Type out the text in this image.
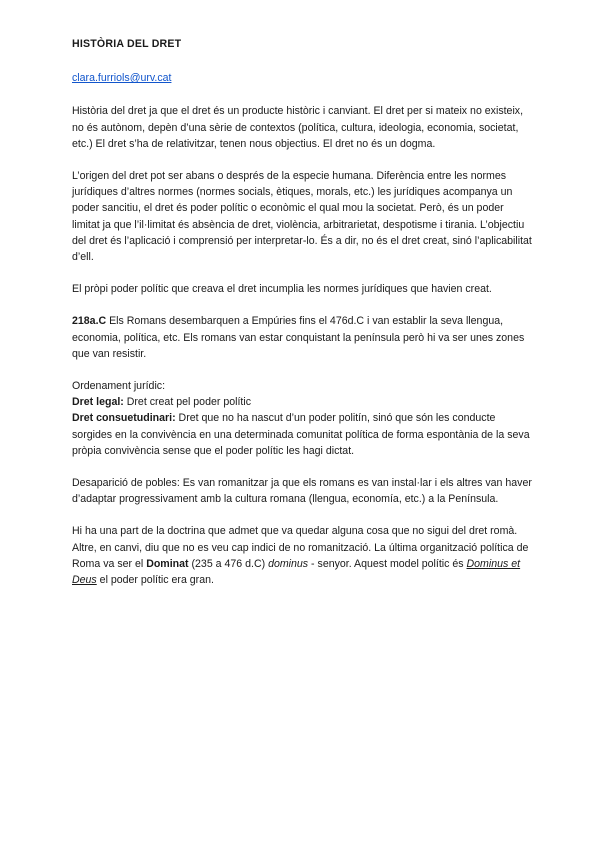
HISTÒRIA DEL DRET
clara.furriols@urv.cat

Història del dret ja que el dret és un producte històric i canviant. El dret per si mateix no existeix, no és autònom, depèn d’una sèrie de contextos (política, cultura, ideologia, economia, societat, etc.) El dret s’ha de relativitzar, tenen nous objectius. El dret no és un dogma.

L’origen del dret pot ser abans o després de la especie humana. Diferència entre les normes jurídiques d’altres normes (normes socials, ètiques, morals, etc.) les jurídiques acompanya un poder sancitiu, el dret és poder polític o econòmic el qual mou la societat. Però, és un poder limitat ja que l’il·limitat és absència de dret, violència, arbitrarietat, despotisme i tirania. L’objectiu del dret és l’aplicació i comprensió per interpretar-lo. És a dir, no és el dret creat, sinó l’aplicabilitat d’ell.

El pròpi poder polític que creava el dret incumplia les normes jurídiques que havien creat.

218a.C Els Romans desembarquen a Empúries fins el 476d.C i van establir la seva llengua, economia, política, etc. Els romans van estar conquistant la península però hi va ser unes zones que van resistir.

Ordenament jurídic:
Dret legal: Dret creat pel poder polític
Dret consuetudinari: Dret que no ha nascut d’un poder politín, sinó que són les conducte sorgides en la convivència en una determinada comunitat política de forma espontània de la seva pròpia convivència sense que el poder polític les hagi dictat.

Desaparició de pobles: Es van romanitzar ja que els romans es van instal·lar i els altres van haver d’adaptar progressivament amb la cultura romana (llengua, economía, etc.) a la Península.

Hi ha una part de la doctrina que admet que va quedar alguna cosa que no sigui del dret romà. Altre, en canvi, diu que no es veu cap indici de no romanització. La última organització política de Roma va ser el Dominat (235 a 476 d.C) dominus - senyor. Aquest model polític és Dominus et Deus el poder polític era gran.
